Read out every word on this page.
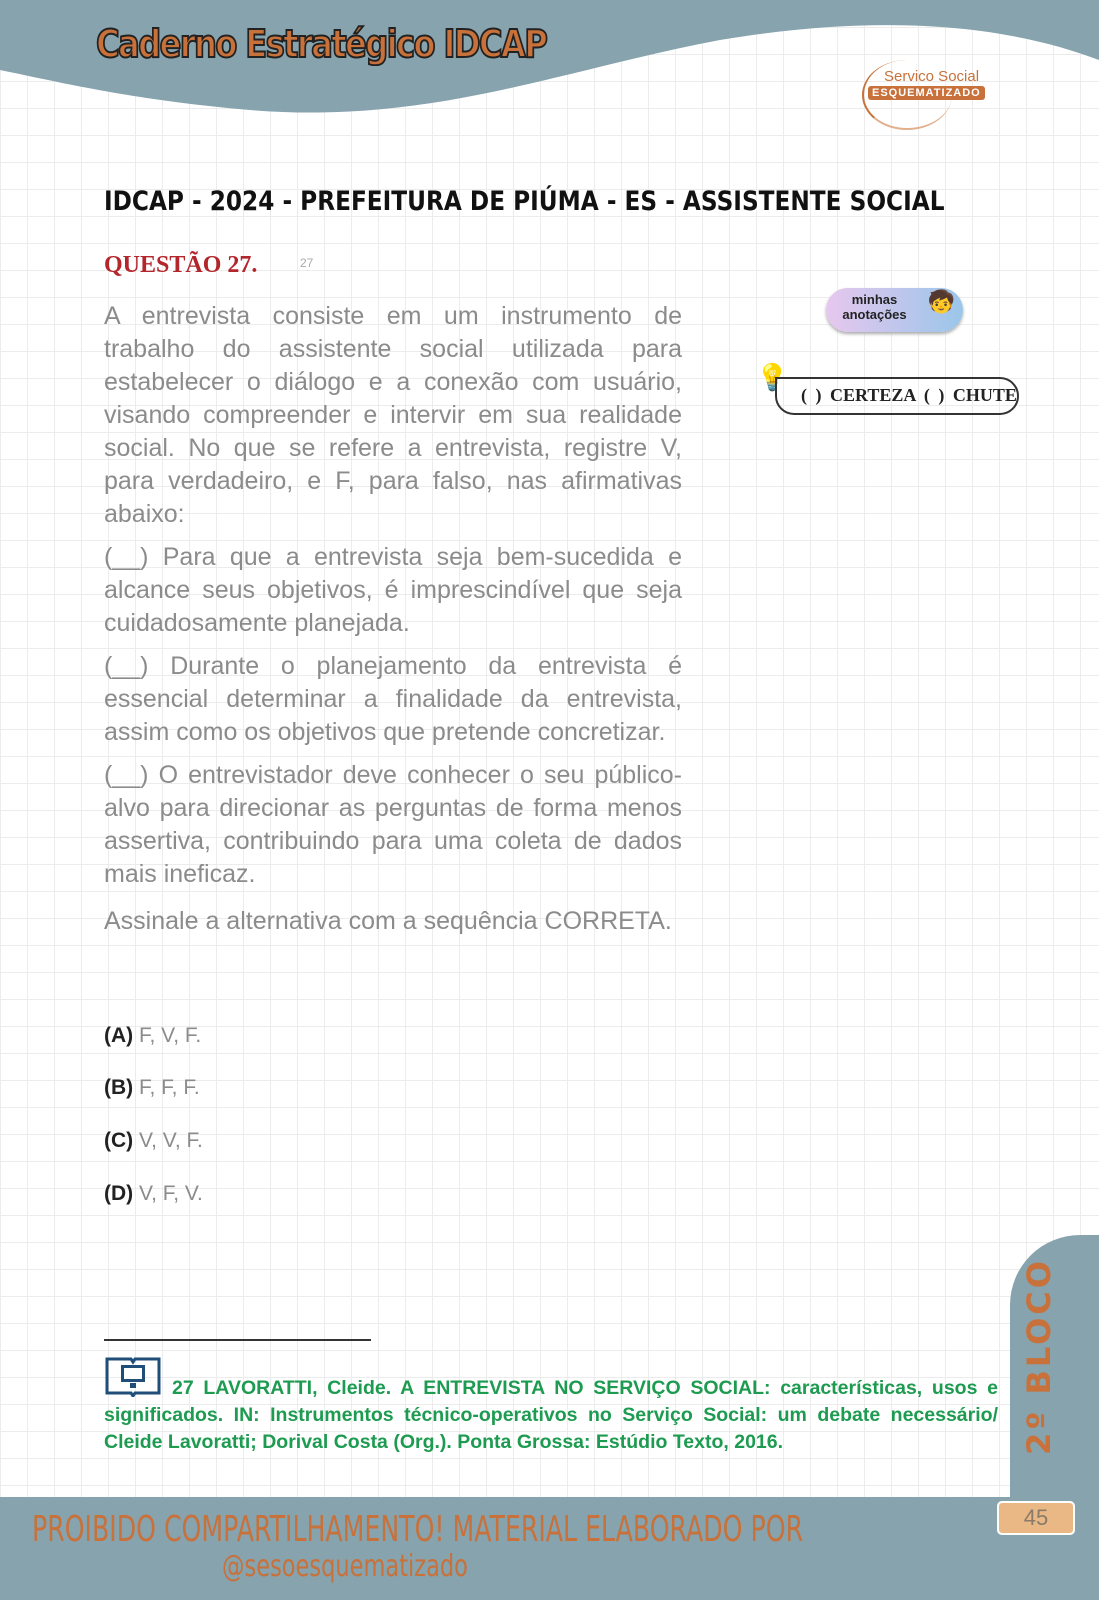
Caderno Estratégico IDCAP
Servico Social
ESQUEMATIZADO
IDCAP - 2024 - PREFEITURA DE PIÚMA - ES - ASSISTENTE SOCIAL
QUESTÃO 27.	27

A entrevista consiste em um instrumento de trabalho do assistente social utilizada para estabelecer o diálogo e a conexão com usuário, visando compreender e intervir em sua realidade social. No que se refere a entrevista, registre V, para verdadeiro, e F, para falso, nas afirmativas abaixo:

(__) Para que a entrevista seja bem-sucedida e alcance seus objetivos, é imprescindível que seja cuidadosamente planejada.

(__) Durante o planejamento da entrevista é essencial determinar a finalidade da entrevista, assim como os objetivos que pretende concretizar.

(__) O entrevistador deve conhecer o seu público-alvo para direcionar as perguntas de forma menos assertiva, contribuindo para uma coleta de dados mais ineficaz.

Assinale a alternativa com a sequência CORRETA.

(A) F, V, F.
(B) F, F, F.
(C) V, V, F.
(D) V, F, V.
minhas anotações
🧒
💡
( ) CERTEZA ( ) CHUTE
27 LAVORATTI, Cleide. A ENTREVISTA NO SERVIÇO SOCIAL: características, usos e significados. IN: Instrumentos técnico-operativos no Serviço Social: um debate necessário/ Cleide Lavoratti; Dorival Costa (Org.). Ponta Grossa: Estúdio Texto, 2016.	2º BLOCO
PROIBIDO COMPARTILHAMENTO! MATERIAL ELABORADO POR
@sesoesquematizado
45
